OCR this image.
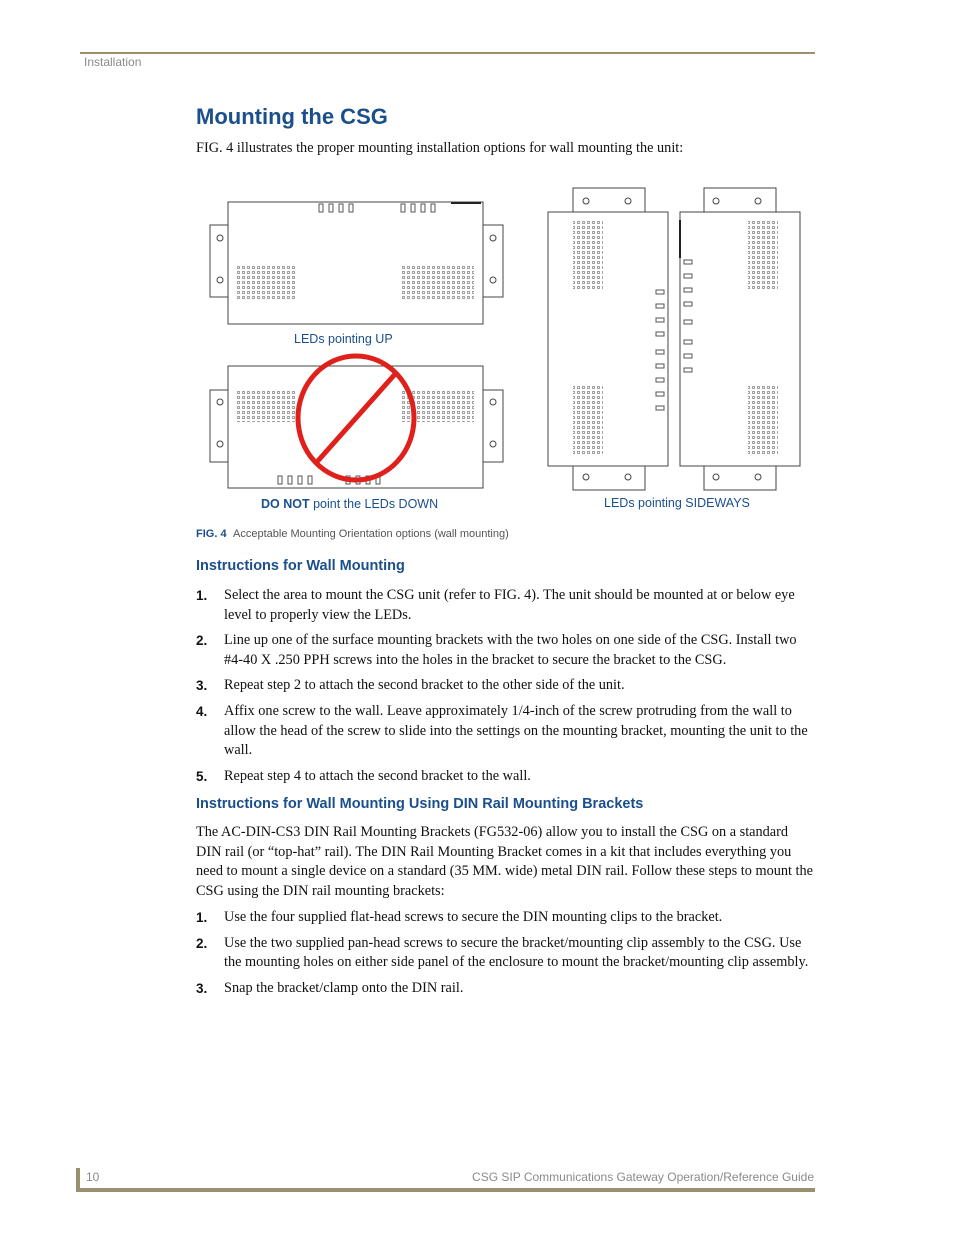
Installation
Mounting the CSG
FIG. 4 illustrates the proper mounting installation options for wall mounting the unit:
LEDs pointing UP
DO NOT point the LEDs DOWN	LEDs pointing SIDEWAYS
FIG. 4 Acceptable Mounting Orientation options (wall mounting)
Instructions for Wall Mounting
1. Select the area to mount the CSG unit (refer to FIG. 4). The unit should be mounted at or below eye level to properly view the LEDs.
2. Line up one of the surface mounting brackets with the two holes on one side of the CSG. Install two #4-40 X .250 PPH screws into the holes in the bracket to secure the bracket to the CSG.
3. Repeat step 2 to attach the second bracket to the other side of the unit.
4. Affix one screw to the wall. Leave approximately 1/4-inch of the screw protruding from the wall to allow the head of the screw to slide into the settings on the mounting bracket, mounting the unit to the wall.
5. Repeat step 4 to attach the second bracket to the wall.
Instructions for Wall Mounting Using DIN Rail Mounting Brackets

The AC-DIN-CS3 DIN Rail Mounting Brackets (FG532-06) allow you to install the CSG on a standard DIN rail (or “top-hat” rail). The DIN Rail Mounting Bracket comes in a kit that includes everything you need to mount a single device on a standard (35 MM. wide) metal DIN rail. Follow these steps to mount the CSG using the DIN rail mounting brackets:

1. Use the four supplied flat-head screws to secure the DIN mounting clips to the bracket.
2. Use the two supplied pan-head screws to secure the bracket/mounting clip assembly to the CSG. Use the mounting holes on either side panel of the enclosure to mount the bracket/mounting clip assembly.
3. Snap the bracket/clamp onto the DIN rail.
10	CSG SIP Communications Gateway Operation/Reference Guide
